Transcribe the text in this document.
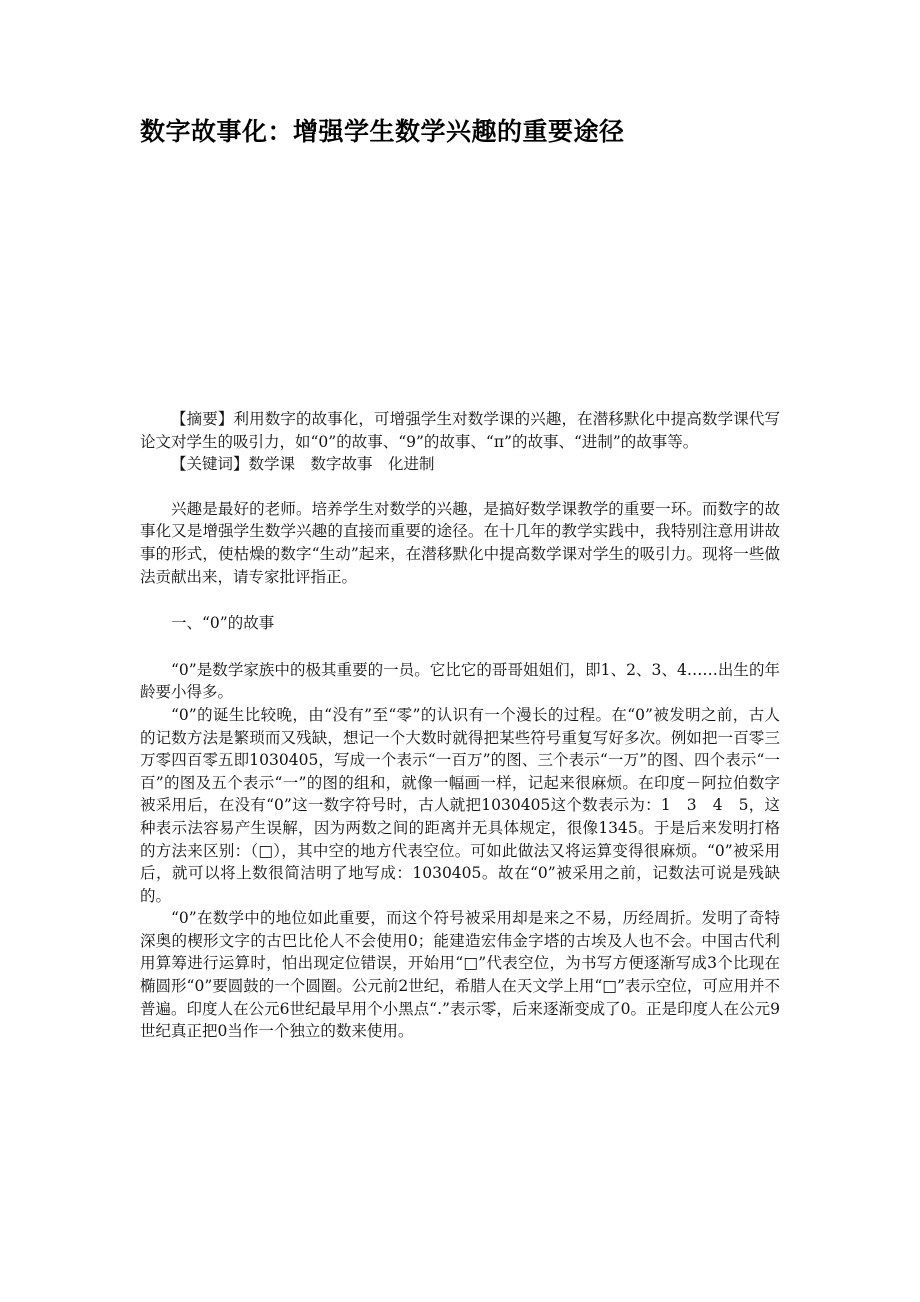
数字故事化：增强学生数学兴趣的重要途径

【摘要】利用数字的故事化，可增强学生对数学课的兴趣，在潜移默化中提高数学课代写论文对学生的吸引力，如“0”的故事、“9”的故事、“π”的故事、“进制”的故事等。

【关键词】数学课　数字故事　化进制

兴趣是最好的老师。培养学生对数学的兴趣，是搞好数学课教学的重要一环。而数字的故事化又是增强学生数学兴趣的直接而重要的途径。在十几年的教学实践中，我特别注意用讲故事的形式，使枯燥的数字“生动”起来，在潜移默化中提高数学课对学生的吸引力。现将一些做法贡献出来，请专家批评指正。

一、“0”的故事

“0”是数学家族中的极其重要的一员。它比它的哥哥姐姐们，即1、2、3、4……出生的年龄要小得多。

“0”的诞生比较晚，由“没有”至“零”的认识有一个漫长的过程。在“0”被发明之前，古人的记数方法是繁琐而又残缺，想记一个大数时就得把某些符号重复写好多次。例如把一百零三万零四百零五即1030405，写成一个表示“一百万”的图、三个表示“一万”的图、四个表示“一百”的图及五个表示“一”的图的组和，就像一幅画一样，记起来很麻烦。在印度－阿拉伯数字被采用后，在没有“0”这一数字符号时，古人就把1030405这个数表示为：1　3　4　5，这种表示法容易产生误解，因为两数之间的距离并无具体规定，很像1345。于是后来发明打格的方法来区别：（□），其中空的地方代表空位。可如此做法又将运算变得很麻烦。“0”被采用后，就可以将上数很简洁明了地写成：1030405。故在“0”被采用之前，记数法可说是残缺的。

“0”在数学中的地位如此重要，而这个符号被采用却是来之不易，历经周折。发明了奇特深奥的楔形文字的古巴比伦人不会使用0；能建造宏伟金字塔的古埃及人也不会。中国古代利用算筹进行运算时，怕出现定位错误，开始用“□”代表空位，为书写方便逐渐写成3个比现在椭圆形“0”要圆鼓的一个圆圈。公元前2世纪，希腊人在天文学上用“□”表示空位，可应用并不普遍。印度人在公元6世纪最早用个小黑点“.”表示零，后来逐渐变成了0。正是印度人在公元9世纪真正把0当作一个独立的数来使用。
